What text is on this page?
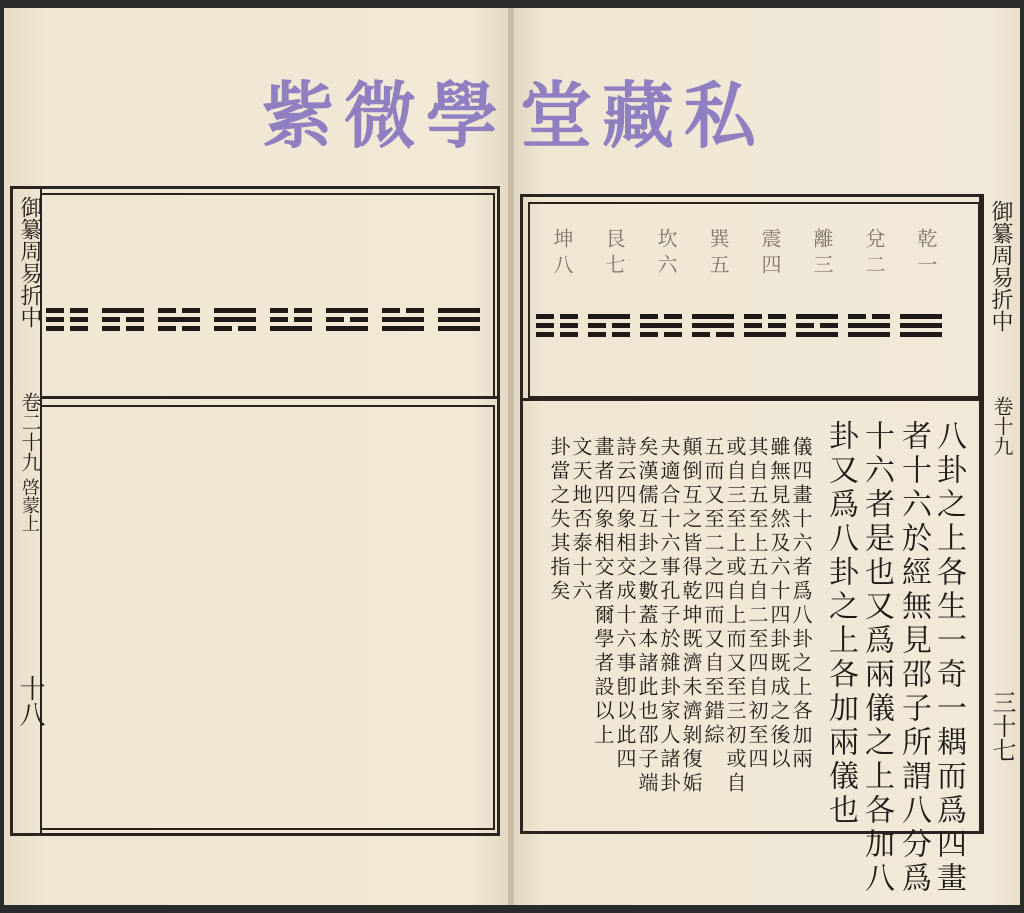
紫微學 堂藏私
御纂周易折中
卷二十九
啓蒙上
十八
御纂周易折中
卷十九
三十七
坤八 艮七 坎六 巽五 震四 離三 兌二 乾一
八卦之上各生一奇一耦而爲四畫
者十六於經無見邵子所謂八分爲
十六者是也又爲兩儀之上各加八
卦又爲八卦之上各加兩儀也
儀四畫十六者爲八卦之上各加兩
雖無見然及六十四卦既成之後以
其自五至上五自二至四自初至四
或自三至上或自上而又至三初或自
五而又至二之四而又自至錯綜
顛倒互之皆得乾坤既濟未濟剝復姤
夬適合十六事孔子於雜卦家人諸卦
矣漢儒互卦之數蓋本諸此也邵子端
詩云四象相交成十六事卽以此四
畫者四象相交者爾學者設以上
文天地否泰十六
卦當之失其指矣
